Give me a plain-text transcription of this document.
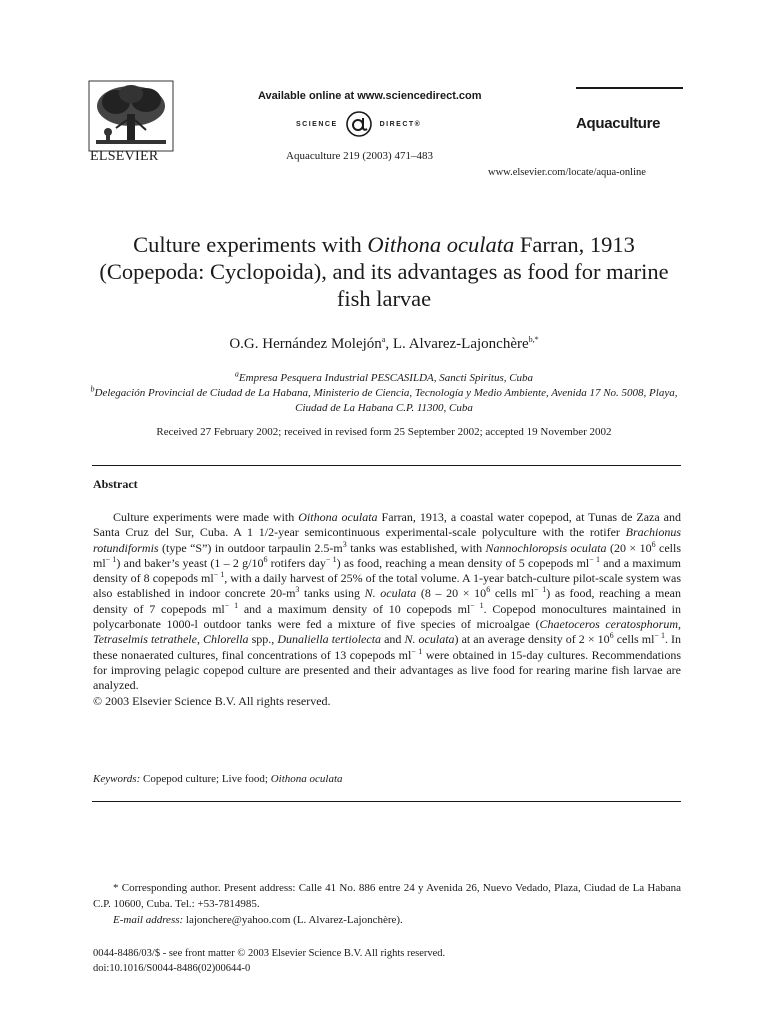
ELSEVIER
Available online at www.sciencedirect.com
SCIENCE	DIRECT®
Aquaculture 219 (2003) 471–483
Aquaculture
www.elsevier.com/locate/aqua-online
Culture experiments with Oithona oculata Farran, 1913 (Copepoda: Cyclopoida), and its advantages as food for marine fish larvae
O.G. Hernández Molejón$^a$, L. Alvarez-Lajonchère$^{b,*}$
$^a$Empresa Pesquera Industrial PESCASILDA, Sancti Spiritus, Cuba
$^b$Delegación Provincial de Ciudad de La Habana, Ministerio de Ciencia, Tecnología y Medio Ambiente, Avenida 17 No. 5008, Playa, Ciudad de La Habana C.P. 11300, Cuba
Received 27 February 2002; received in revised form 25 September 2002; accepted 19 November 2002
Abstract

Culture experiments were made with Oithona oculata Farran, 1913, a coastal water copepod, at Tunas de Zaza and Santa Cruz del Sur, Cuba. A 1 1/2-year semicontinuous experimental-scale polyculture with the rotifer Brachionus rotundiformis (type “S”) in outdoor tarpaulin $2.5-m^3$ tanks was established, with Nannochloropsis oculata ($20 \times 10^6$ cells $ml^{- 1}$) and baker’s yeast (1 – 2 $g/10^6$ rotifers day$^{- 1}$) as food, reaching a mean density of 5 copepods $ml^{- 1}$ and a maximum density of 8 copepods $ml^{- 1}$, with a daily harvest of 25% of the total volume. A 1-year batch-culture pilot-scale system was also established in indoor concrete $20-m^3$ tanks using N. oculata ($8 - 20 \times 10^6$ cells $ml^{- 1}$) as food, reaching a mean density of 7 copepods $ml^{- 1}$ and a maximum density of 10 copepods $ml^{- 1}$. Copepod monocultures maintained in polycarbonate 1000-l outdoor tanks were fed a mixture of five species of microalgae (Chaetoceros ceratosphorum, Tetraselmis tetrathele, Chlorella spp., Dunaliella tertiolecta and N. oculata) at an average density of $2 \times 10^6$ cells $ml^{- 1}$. In these nonaerated cultures, final concentrations of 13 copepods $ml^{- 1}$ were obtained in 15-day cultures. Recommendations for improving pelagic copepod culture are presented and their advantages as live food for rearing marine fish larvae are analyzed.

© 2003 Elsevier Science B.V. All rights reserved.

Keywords: Copepod culture; Live food; Oithona oculata

* Corresponding author. Present address: Calle 41 No. 886 entre 24 y Avenida 26, Nuevo Vedado, Plaza, Ciudad de La Habana C.P. 10600, Cuba. Tel.: +53-7814985.

E-mail address: lajonchere@yahoo.com (L. Alvarez-Lajonchère).

0044-8486/03/$ - see front matter © 2003 Elsevier Science B.V. All rights reserved.
doi:10.1016/S0044-8486(02)00644-0
